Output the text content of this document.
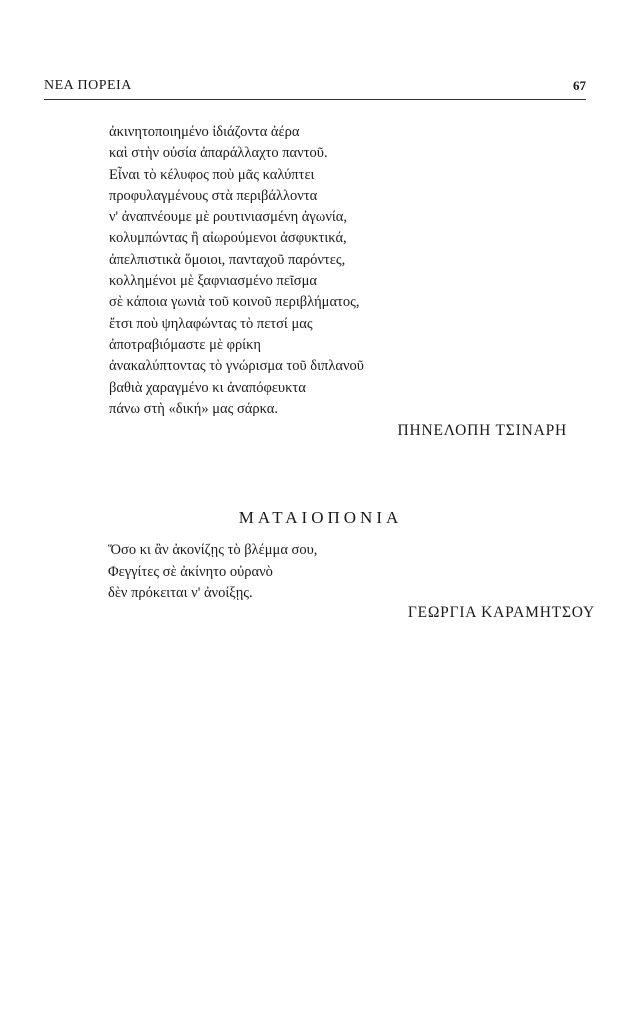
ΝΕΑ ΠΟΡΕΙΑ	67
ἀκινητοποιημένο ἰδιάζοντα ἀέρα
καὶ στὴν οὐσία ἀπαράλλαχτο παντοῦ.
Εἶναι τὸ κέλυφος ποὺ μᾶς καλύπτει
προφυλαγμένους στὰ περιβάλλοντα
ν' ἀναπνέουμε μὲ ρουτινιασμένη ἀγωνία,
κολυμπώντας ἢ αἰωρούμενοι ἀσφυκτικά,
ἀπελπιστικὰ ὅμοιοι, πανταχοῦ παρόντες,
κολλημένοι μὲ ξαφνιασμένο πεῖσμα
σὲ κάποια γωνιὰ τοῦ κοινοῦ περιβλήματος,
ἔτσι ποὺ ψηλαφώντας τὸ πετσί μας
ἀποτραβιόμαστε μὲ φρίκη
ἀνακαλύπτοντας τὸ γνώρισμα τοῦ διπλανοῦ
βαθιὰ χαραγμένο κι ἀναπόφευκτα
πάνω στὴ «δική» μας σάρκα.
ΠΗΝΕΛΟΠΗ ΤΣΙΝΑΡΗ
ΜΑΤΑΙΟΠΟΝΙΑ
Ὅσο κι ἂν ἀκονίζῃς τὸ βλέμμα σου,
Φεγγίτες σὲ ἀκίνητο οὐρανὸ
δὲν πρόκειται ν' ἀνοίξῃς.
ΓΕΩΡΓΙΑ ΚΑΡΑΜΗΤΣΟΥ
